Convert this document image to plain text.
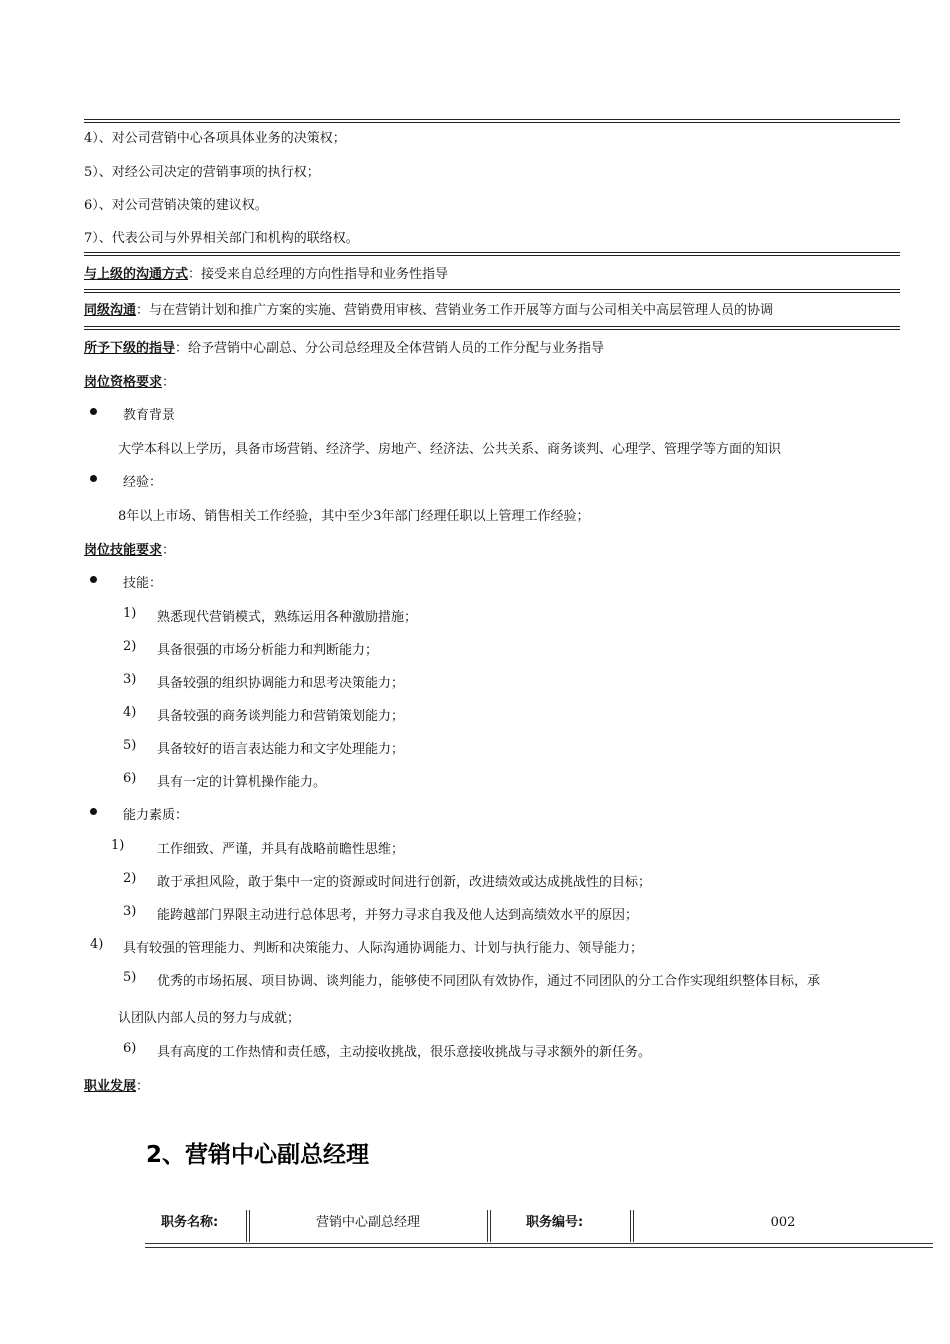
4）、对公司营销中心各项具体业务的决策权；
5）、对经公司决定的营销事项的执行权；
6）、对公司营销决策的建议权。
7）、代表公司与外界相关部门和机构的联络权。
与上级的沟通方式：接受来自总经理的方向性指导和业务性指导
同级沟通：与在营销计划和推广方案的实施、营销费用审核、营销业务工作开展等方面与公司相关中高层管理人员的协调
所予下级的指导：给予营销中心副总、分公司总经理及全体营销人员的工作分配与业务指导
岗位资格要求：
教育背景
大学本科以上学历，具备市场营销、经济学、房地产、经济法、公共关系、商务谈判、心理学、管理学等方面的知识
经验：
8年以上市场、销售相关工作经验，其中至少3年部门经理任职以上管理工作经验；
岗位技能要求：
技能：
1) 熟悉现代营销模式，熟练运用各种激励措施；
2) 具备很强的市场分析能力和判断能力；
3) 具备较强的组织协调能力和思考决策能力；
4) 具备较强的商务谈判能力和营销策划能力；
5) 具备较好的语言表达能力和文字处理能力；
6) 具有一定的计算机操作能力。
能力素质：
1)	工作细致、严谨，并具有战略前瞻性思维；
2) 敢于承担风险，敢于集中一定的资源或时间进行创新，改进绩效或达成挑战性的目标；
3) 能跨越部门界限主动进行总体思考，并努力寻求自我及他人达到高绩效水平的原因；
4) 具有较强的管理能力、判断和决策能力、人际沟通协调能力、计划与执行能力、领导能力；
5) 优秀的市场拓展、项目协调、谈判能力，能够使不同团队有效协作，通过不同团队的分工合作实现组织整体目标，承
认团队内部人员的努力与成就；
6) 具有高度的工作热情和责任感，主动接收挑战，很乐意接收挑战与寻求额外的新任务。
职业发展：
2、营销中心副总经理
职务名称:	营销中心副总经理	职务编号:	002
